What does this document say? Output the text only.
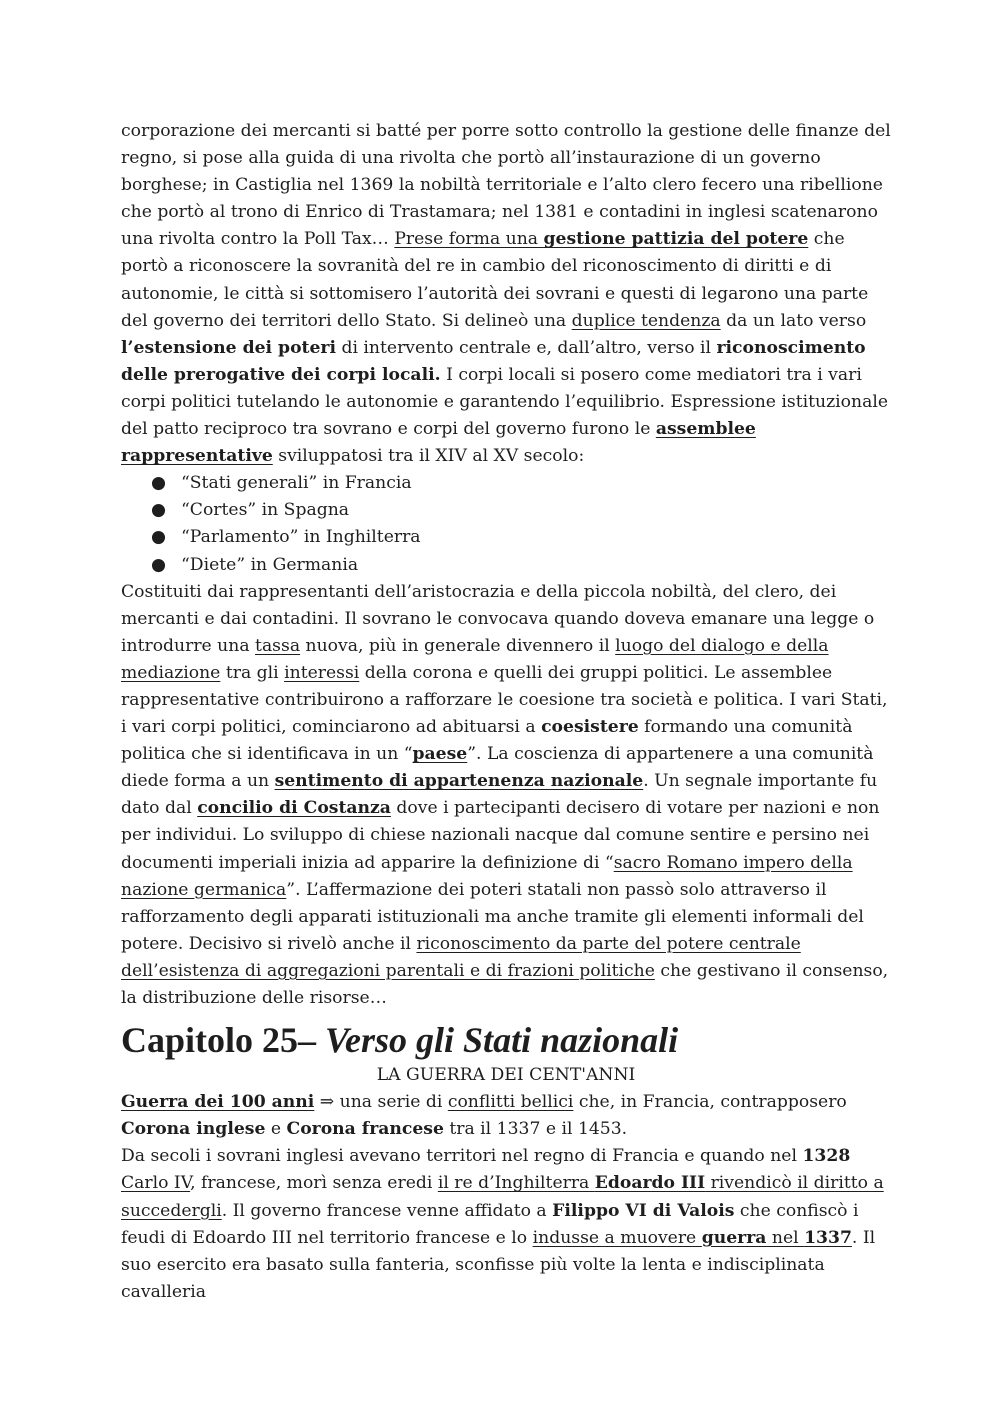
corporazione dei mercanti si batté per porre sotto controllo la gestione delle finanze del regno, si pose alla guida di una rivolta che portò all’instaurazione di un governo borghese; in Castiglia nel 1369 la nobiltà territoriale e l’alto clero fecero una ribellione che portò al trono di Enrico di Trastamara; nel 1381 e contadini in inglesi scatenarono una rivolta contro la Poll Tax… Prese forma una gestione pattizia del potere che portò a riconoscere la sovranità del re in cambio del riconoscimento di diritti e di autonomie, le città si sottomisero l’autorità dei sovrani e questi di legarono una parte del governo dei territori dello Stato. Si delineò una duplice tendenza da un lato verso l’estensione dei poteri di intervento centrale e, dall’altro, verso il riconoscimento delle prerogative dei corpi locali. I corpi locali si posero come mediatori tra i vari corpi politici tutelando le autonomie e garantendo l’equilibrio. Espressione istituzionale del patto reciproco tra sovrano e corpi del governo furono le assemblee rappresentative sviluppatosi tra il XIV al XV secolo:

● “Stati generali” in Francia
● “Cortes” in Spagna
● “Parlamento” in Inghilterra
● “Diete” in Germania

Costituiti dai rappresentanti dell’aristocrazia e della piccola nobiltà, del clero, dei mercanti e dai contadini. Il sovrano le convocava quando doveva emanare una legge o introdurre una tassa nuova, più in generale divennero il luogo del dialogo e della mediazione tra gli interessi della corona e quelli dei gruppi politici. Le assemblee rappresentative contribuirono a rafforzare le coesione tra società e politica. I vari Stati, i vari corpi politici, cominciarono ad abituarsi a coesistere formando una comunità politica che si identificava in un “paese”. La coscienza di appartenere a una comunità diede forma a un sentimento di appartenenza nazionale. Un segnale importante fu dato dal concilio di Costanza dove i partecipanti decisero di votare per nazioni e non per individui. Lo sviluppo di chiese nazionali nacque dal comune sentire e persino nei documenti imperiali inizia ad apparire la definizione di “sacro Romano impero della nazione germanica”. L’affermazione dei poteri statali non passò solo attraverso il rafforzamento degli apparati istituzionali ma anche tramite gli elementi informali del potere. Decisivo si rivelò anche il riconoscimento da parte del potere centrale dell’esistenza di aggregazioni parentali e di frazioni politiche che gestivano il consenso, la distribuzione delle risorse…

Capitolo 25– Verso gli Stati nazionali

LA GUERRA DEI CENT'ANNI

Guerra dei 100 anni ⇒ una serie di conflitti bellici che, in Francia, contrapposero Corona inglese e Corona francese tra il 1337 e il 1453.

Da secoli i sovrani inglesi avevano territori nel regno di Francia e quando nel 1328 Carlo IV, francese, morì senza eredi il re d’Inghilterra Edoardo III rivendicò il diritto a succedergli. Il governo francese venne affidato a Filippo VI di Valois che confiscò i feudi di Edoardo III nel territorio francese e lo indusse a muovere guerra nel 1337. Il suo esercito era basato sulla fanteria, sconfisse più volte la lenta e indisciplinata cavalleria
